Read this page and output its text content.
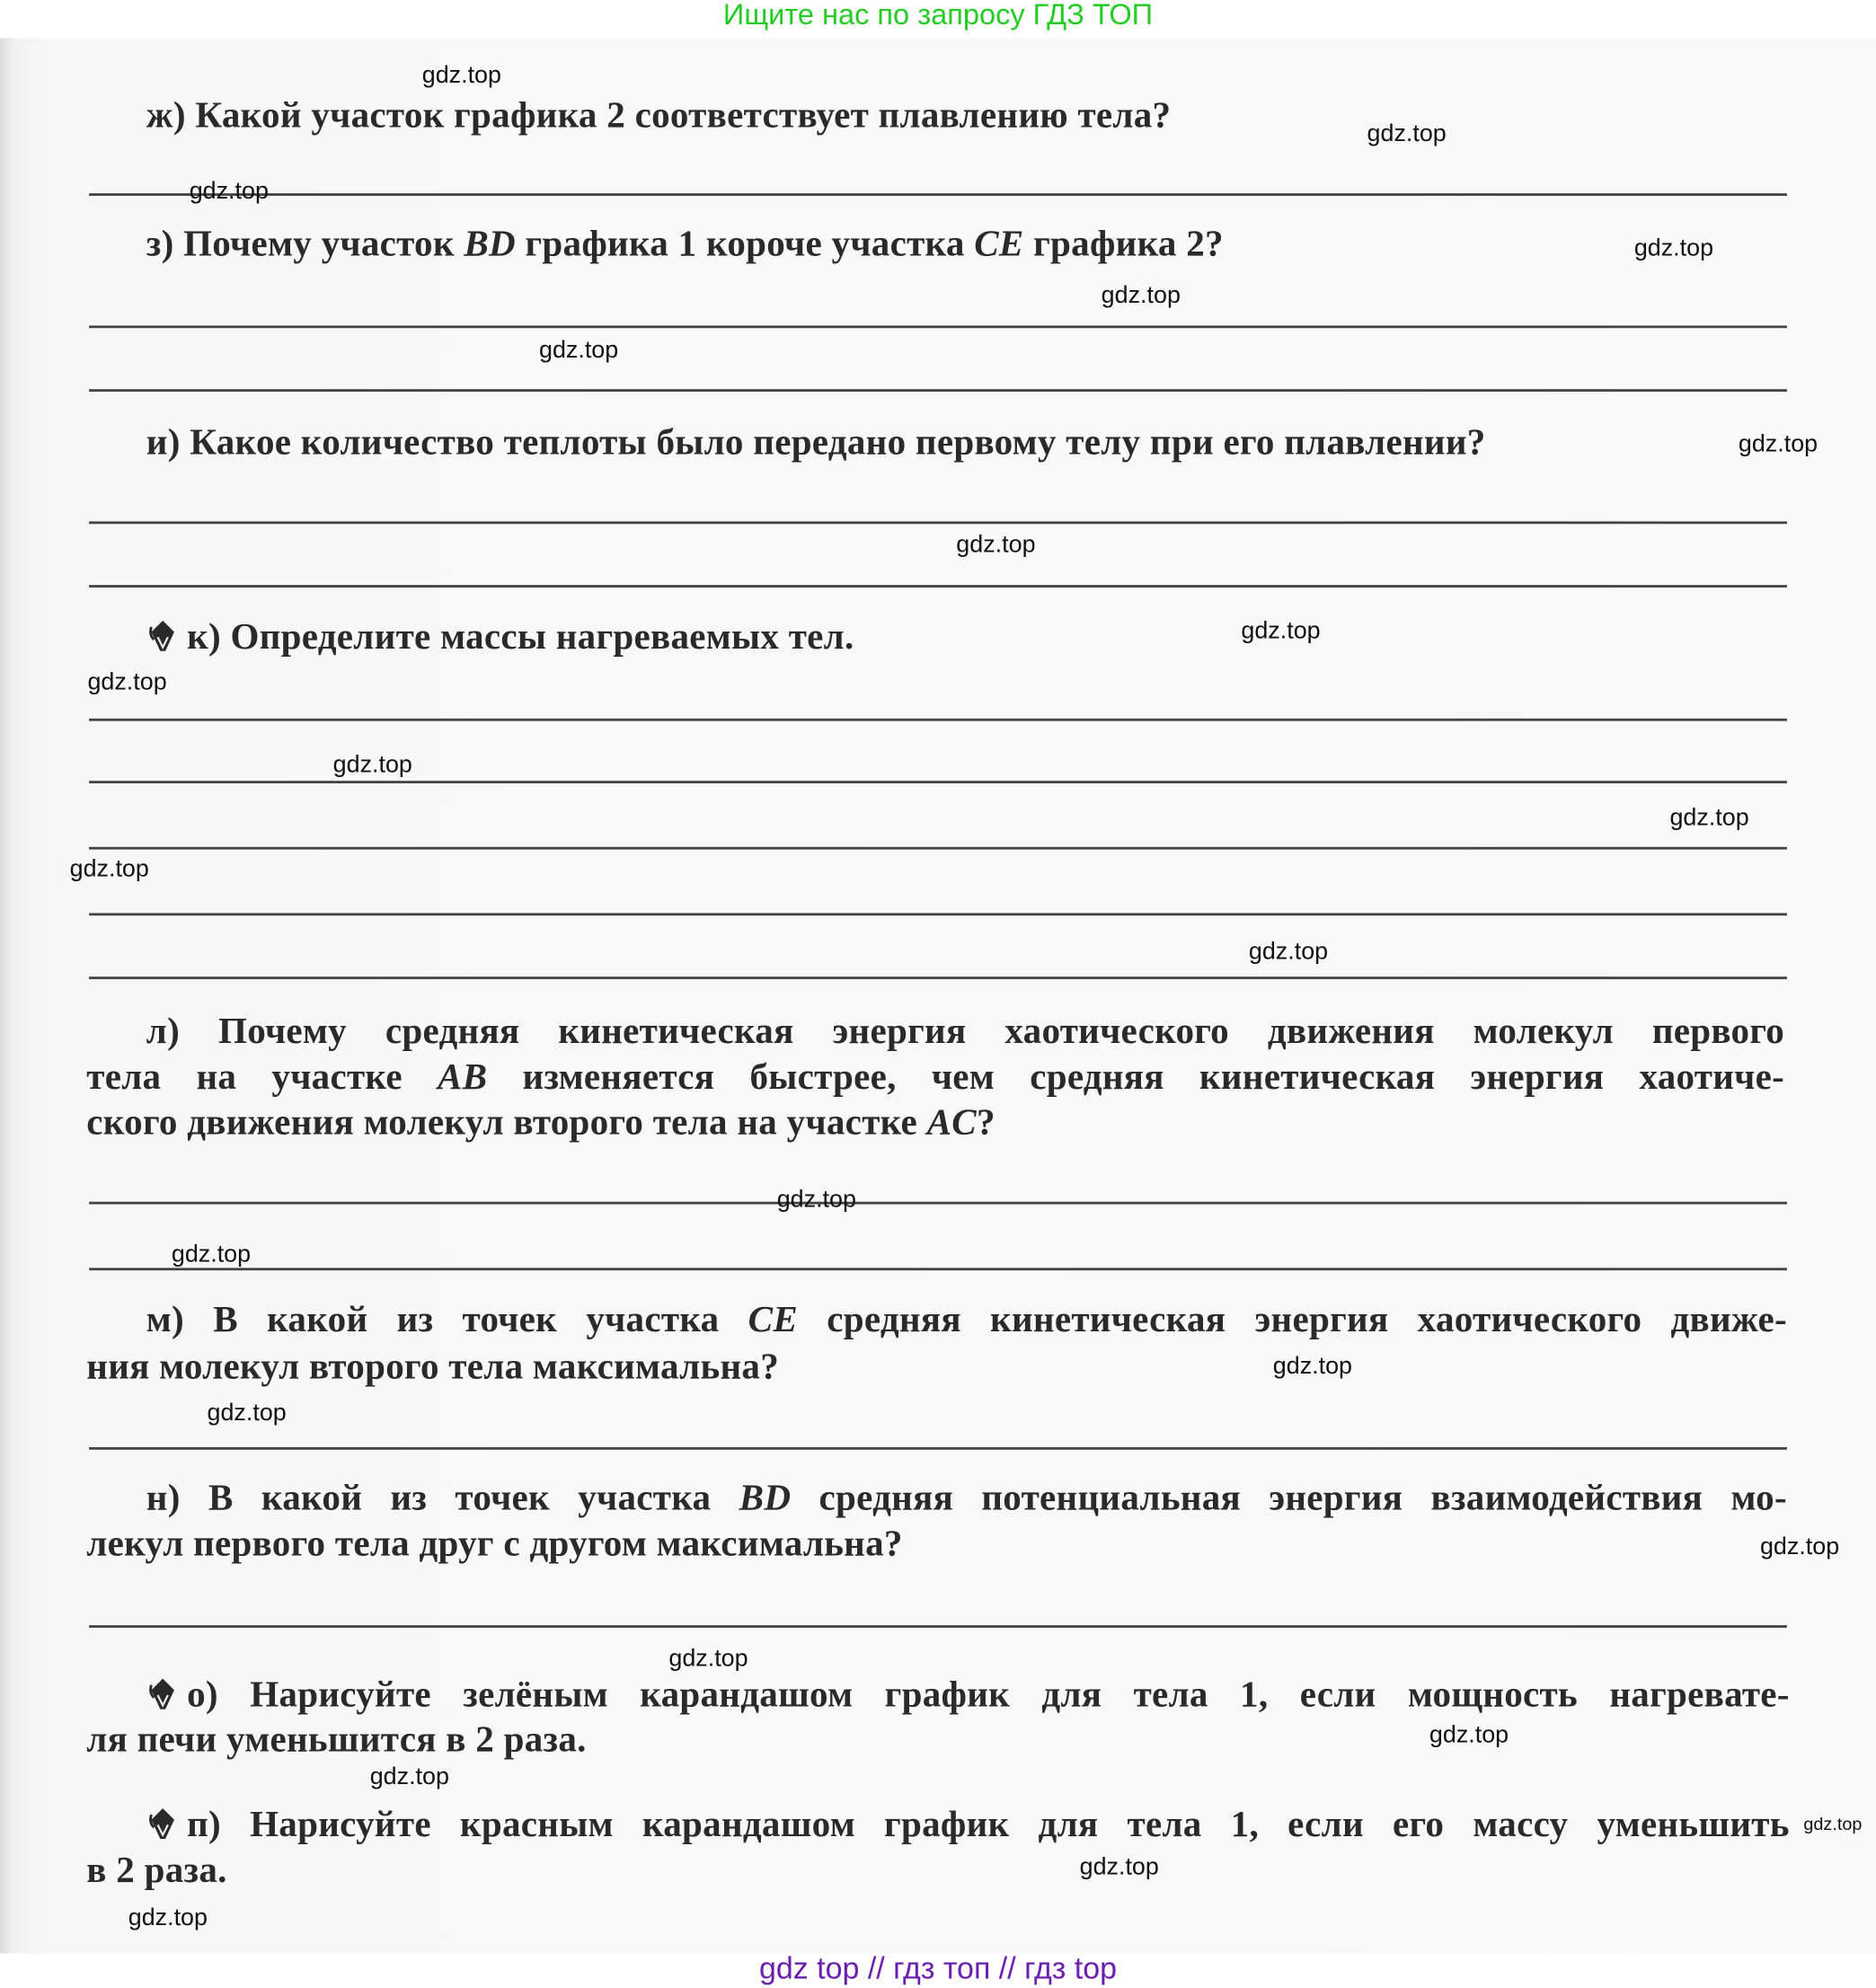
Ищите нас по запросу ГДЗ ТОП
ж) Какой участок графика 2 соответствует плавлению тела?
з) Почему участок BD графика 1 короче участка CE графика 2?
и) Какое количество теплоты было передано первому телу при его плавлении?
к) Определите массы нагреваемых тел.
л) Почему средняя кинетическая энергия хаотического движения молекул первого
тела на участке AB изменяется быстрее, чем средняя кинетическая энергия хаотиче-
ского движения молекул второго тела на участке AC?
м) В какой из точек участка CE средняя кинетическая энергия хаотического движе-
ния молекул второго тела максимальна?
н) В какой из точек участка BD средняя потенциальная энергия взаимодействия мо-
лекул первого тела друг с другом максимальна?
о) Нарисуйте зелёным карандашом график для тела 1, если мощность нагревате-
ля печи уменьшится в 2 раза.
п) Нарисуйте красным карандашом график для тела 1, если его массу уменьшить
в 2 раза.
gdz.top
gdz.top
gdz.top
gdz.top
gdz.top
gdz.top
gdz.top
gdz.top
gdz.top
gdz.top
gdz.top
gdz.top
gdz.top
gdz.top
gdz.top
gdz.top
gdz.top
gdz.top
gdz.top
gdz.top
gdz.top
gdz.top
gdz.top
gdz.top
gdz.top
gdz top // гдз топ // гдз top
